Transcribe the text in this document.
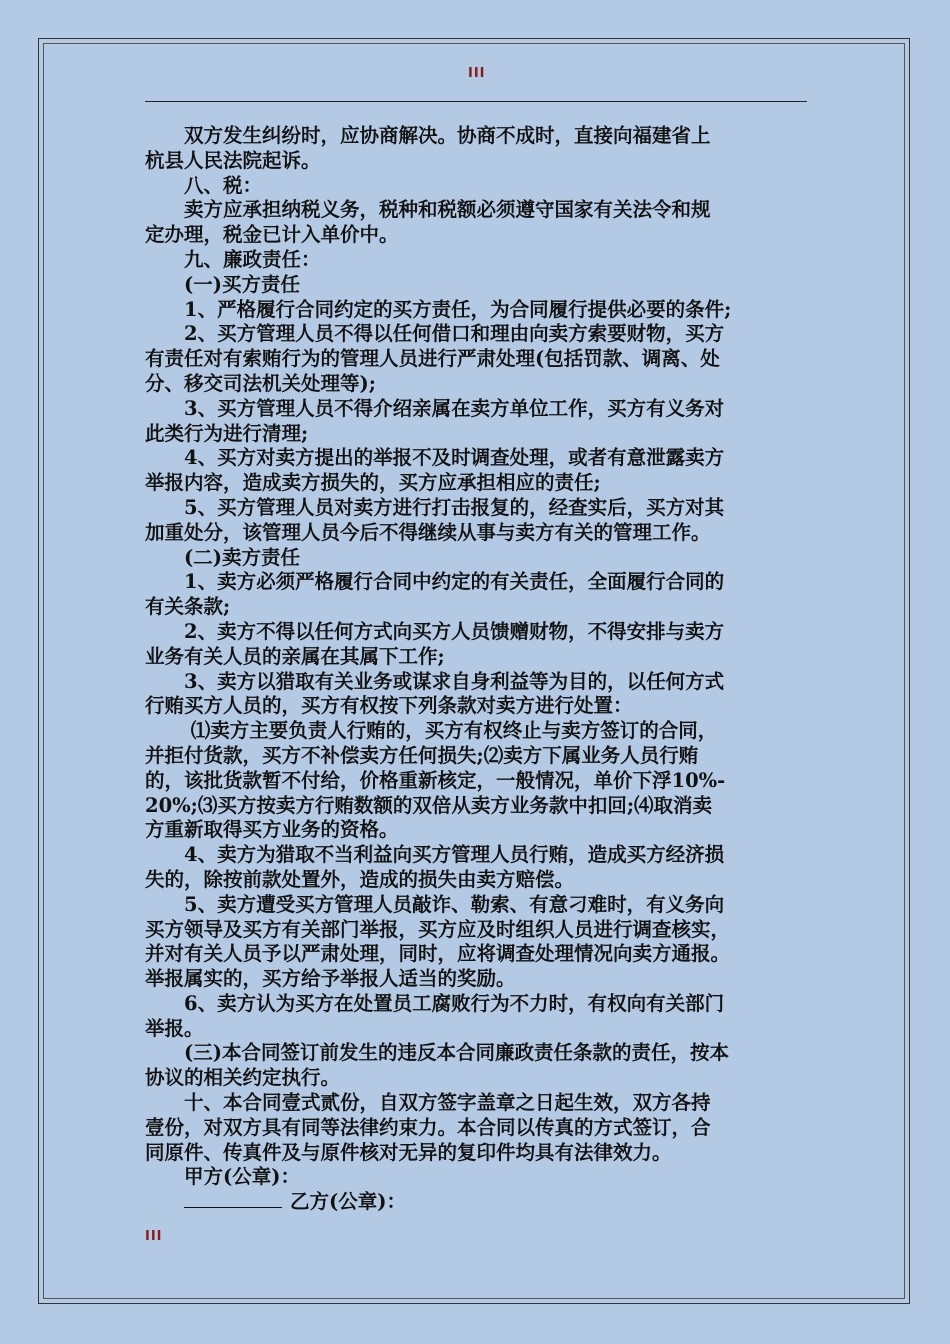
III

　　双方发生纠纷时，应协商解决。协商不成时，直接向福建省上

杭县人民法院起诉。

　　八、税：

　　卖方应承担纳税义务，税种和税额必须遵守国家有关法令和规

定办理，税金已计入单价中。

　　九、廉政责任：

　　(一)买方责任

　　1、严格履行合同约定的买方责任，为合同履行提供必要的条件;

　　2、买方管理人员不得以任何借口和理由向卖方索要财物，买方

有责任对有索贿行为的管理人员进行严肃处理(包括罚款、调离、处

分、移交司法机关处理等);

　　3、买方管理人员不得介绍亲属在卖方单位工作，买方有义务对

此类行为进行清理;

　　4、买方对卖方提出的举报不及时调查处理，或者有意泄露卖方

举报内容，造成卖方损失的，买方应承担相应的责任;

　　5、买方管理人员对卖方进行打击报复的，经查实后，买方对其

加重处分，该管理人员今后不得继续从事与卖方有关的管理工作。

　　(二)卖方责任

　　1、卖方必须严格履行合同中约定的有关责任，全面履行合同的

有关条款;

　　2、卖方不得以任何方式向买方人员馈赠财物，不得安排与卖方

业务有关人员的亲属在其属下工作;

　　3、卖方以猎取有关业务或谋求自身利益等为目的，以任何方式

行贿买方人员的，买方有权按下列条款对卖方进行处置：

　　 ⑴卖方主要负责人行贿的，买方有权终止与卖方签订的合同，

并拒付货款，买方不补偿卖方任何损失;⑵卖方下属业务人员行贿

的，该批货款暂不付给，价格重新核定，一般情况，单价下浮10%-

20%;⑶买方按卖方行贿数额的双倍从卖方业务款中扣回;⑷取消卖

方重新取得买方业务的资格。

　　4、卖方为猎取不当利益向买方管理人员行贿，造成买方经济损

失的，除按前款处置外，造成的损失由卖方赔偿。

　　5、卖方遭受买方管理人员敲诈、勒索、有意刁难时，有义务向

买方领导及买方有关部门举报，买方应及时组织人员进行调查核实，

并对有关人员予以严肃处理，同时，应将调查处理情况向卖方通报。

举报属实的，买方给予举报人适当的奖励。

　　6、卖方认为买方在处置员工腐败行为不力时，有权向有关部门

举报。

　　(三)本合同签订前发生的违反本合同廉政责任条款的责任，按本

协议的相关约定执行。

　　十、本合同壹式贰份，自双方签字盖章之日起生效，双方各持

壹份，对双方具有同等法律约束力。本合同以传真的方式签订，合

同原件、传真件及与原件核对无异的复印件均具有法律效力。

　　甲方(公章)：

　　乙方(公章)：

III
